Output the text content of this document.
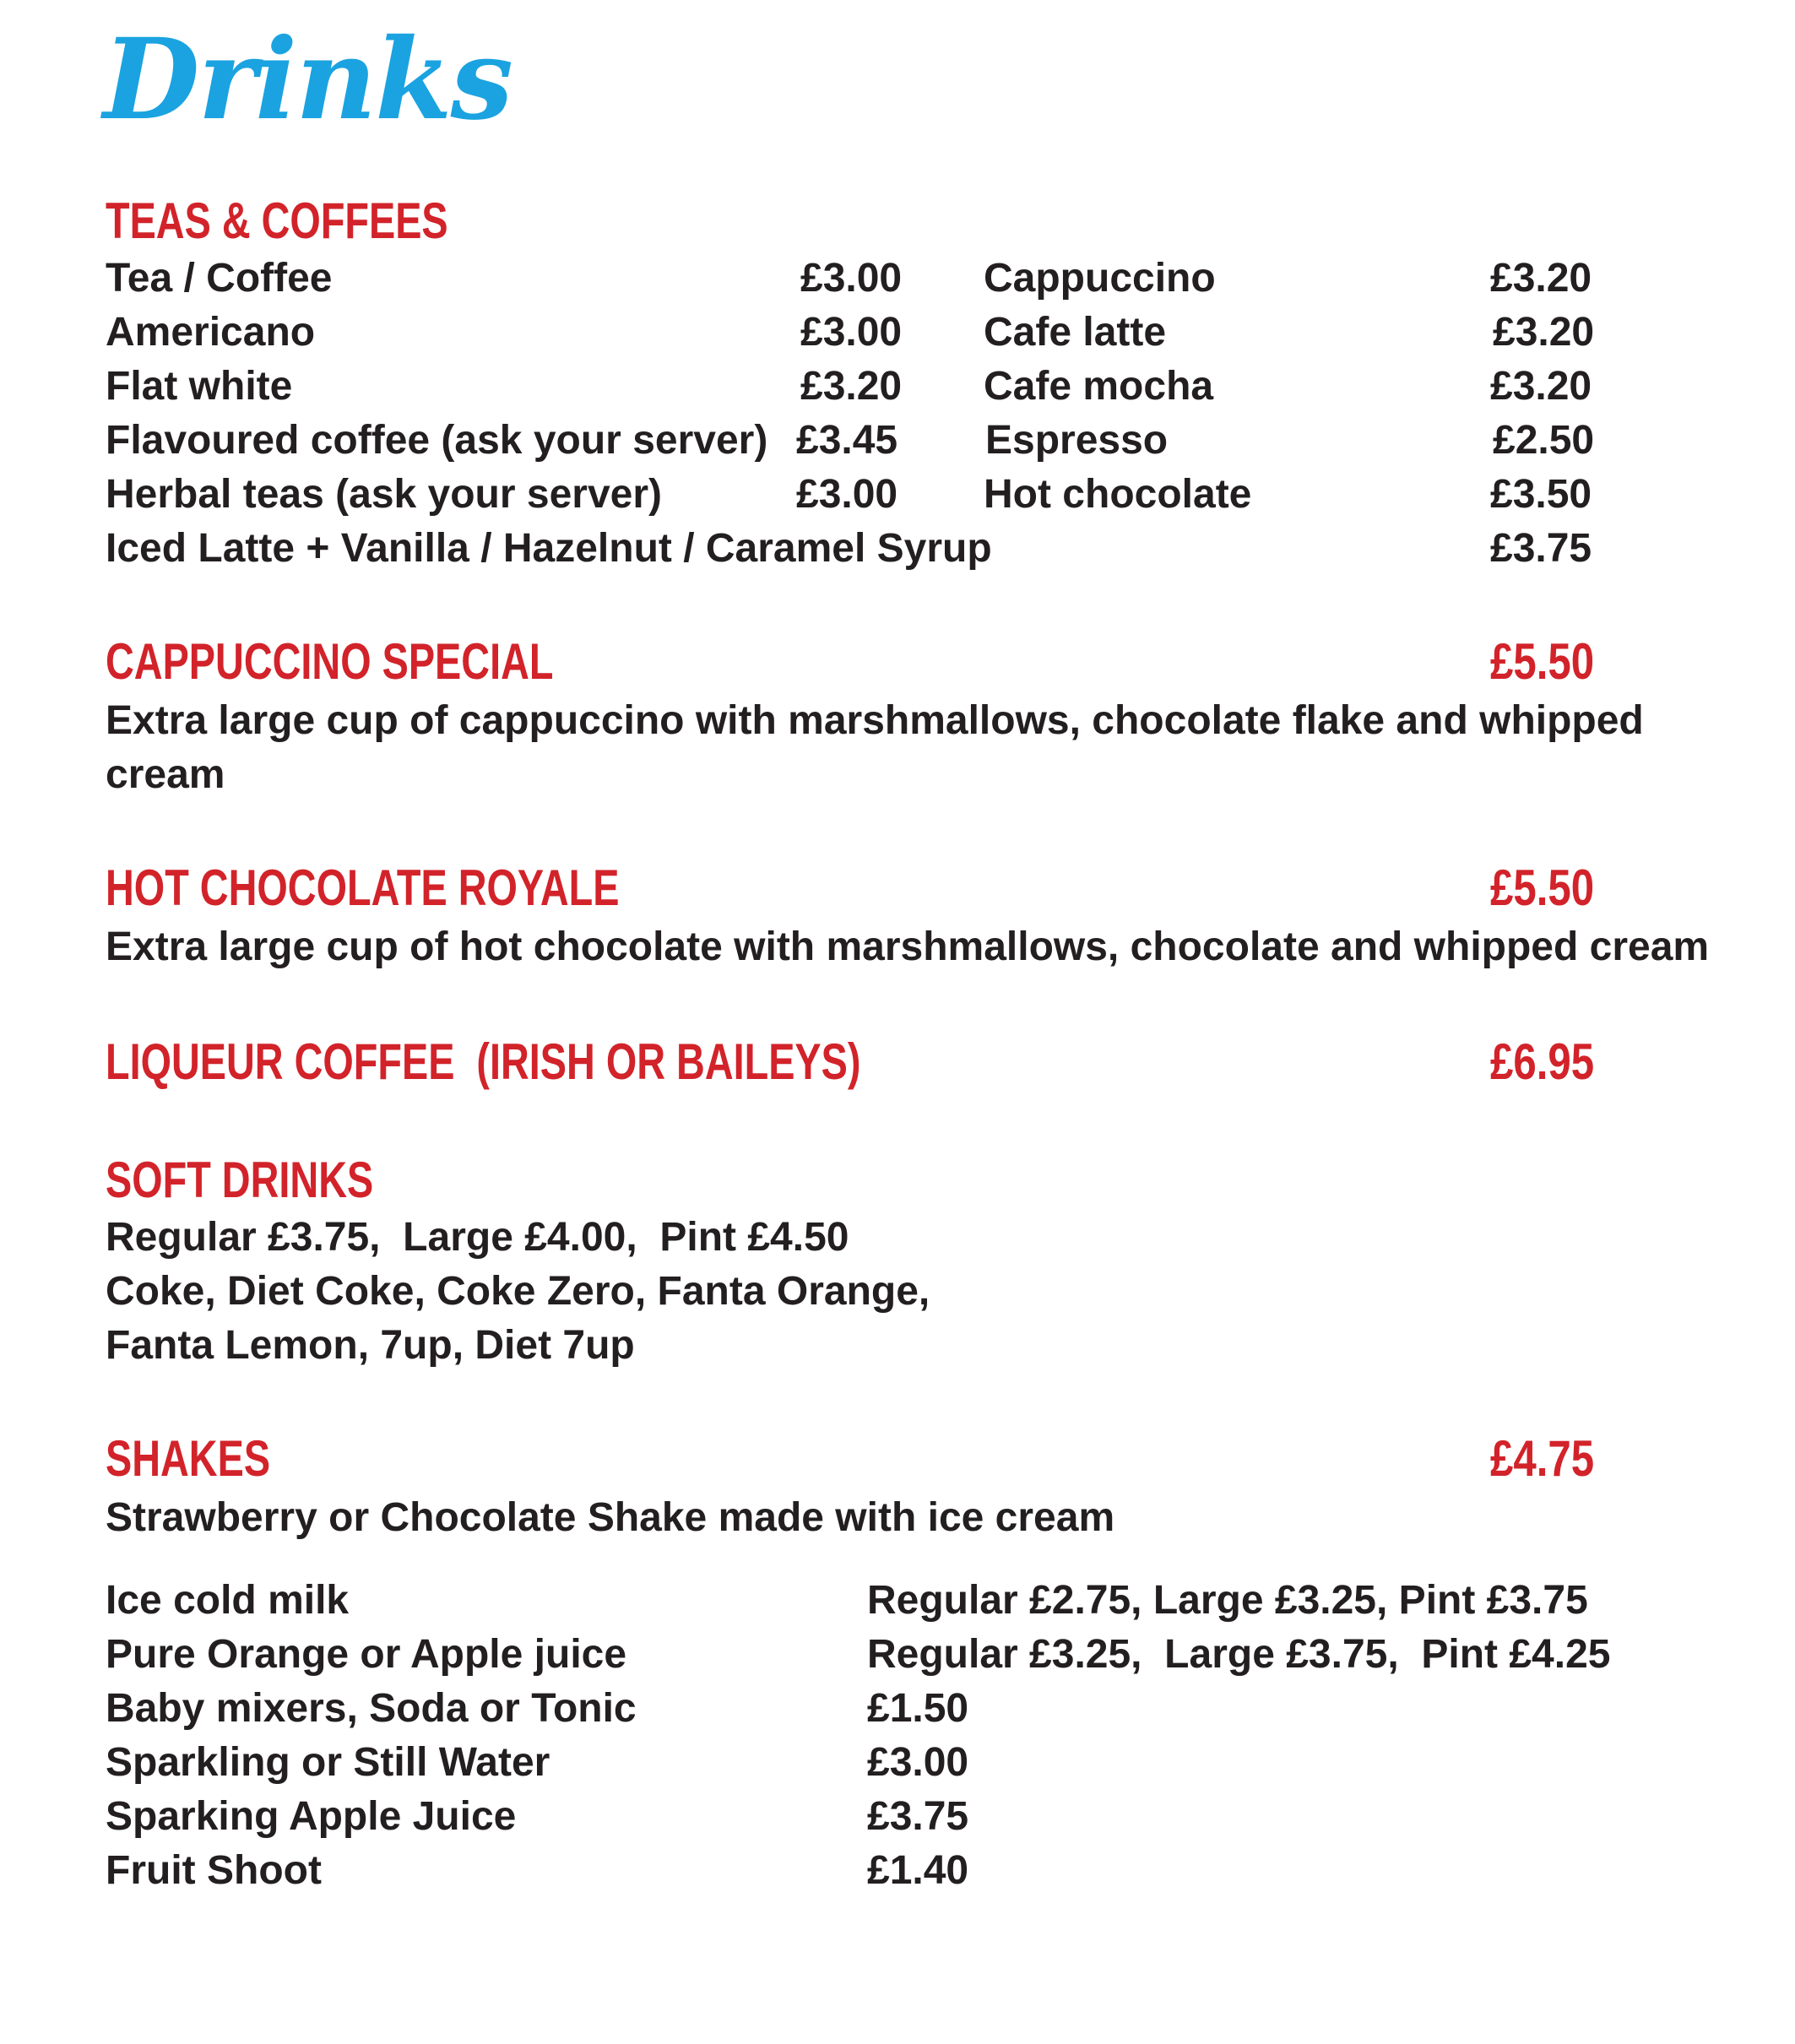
Drinks
TEAS & COFFEES
Tea / Coffee	£3.00 Cappuccino	£3.20
Americano	£3.00 Cafe latte	£3.20
Flat white	£3.20 Cafe mocha	£3.20
Flavoured coffee (ask your server) £3.45 Espresso	£2.50
Herbal teas (ask your server)	£3.00 Hot chocolate	£3.50
Iced Latte + Vanilla / Hazelnut / Caramel Syrup	£3.75
CAPPUCCINO SPECIAL	£5.50
Extra large cup of cappuccino with marshmallows, chocolate flake and whipped
cream
HOT CHOCOLATE ROYALE	£5.50
Extra large cup of hot chocolate with marshmallows, chocolate and whipped cream
LIQUEUR COFFEE  (IRISH OR BAILEYS)	£6.95
SOFT DRINKS
Regular £3.75,  Large £4.00,  Pint £4.50
Coke, Diet Coke, Coke Zero, Fanta Orange,
Fanta Lemon, 7up, Diet 7up
SHAKES	£4.75
Strawberry or Chocolate Shake made with ice cream
Ice cold milk	Regular £2.75, Large £3.25, Pint £3.75
Pure Orange or Apple juice	Regular £3.25,  Large £3.75,  Pint £4.25
Baby mixers, Soda or Tonic	£1.50
Sparkling or Still Water	£3.00
Sparking Apple Juice	£3.75
Fruit Shoot	£1.40
